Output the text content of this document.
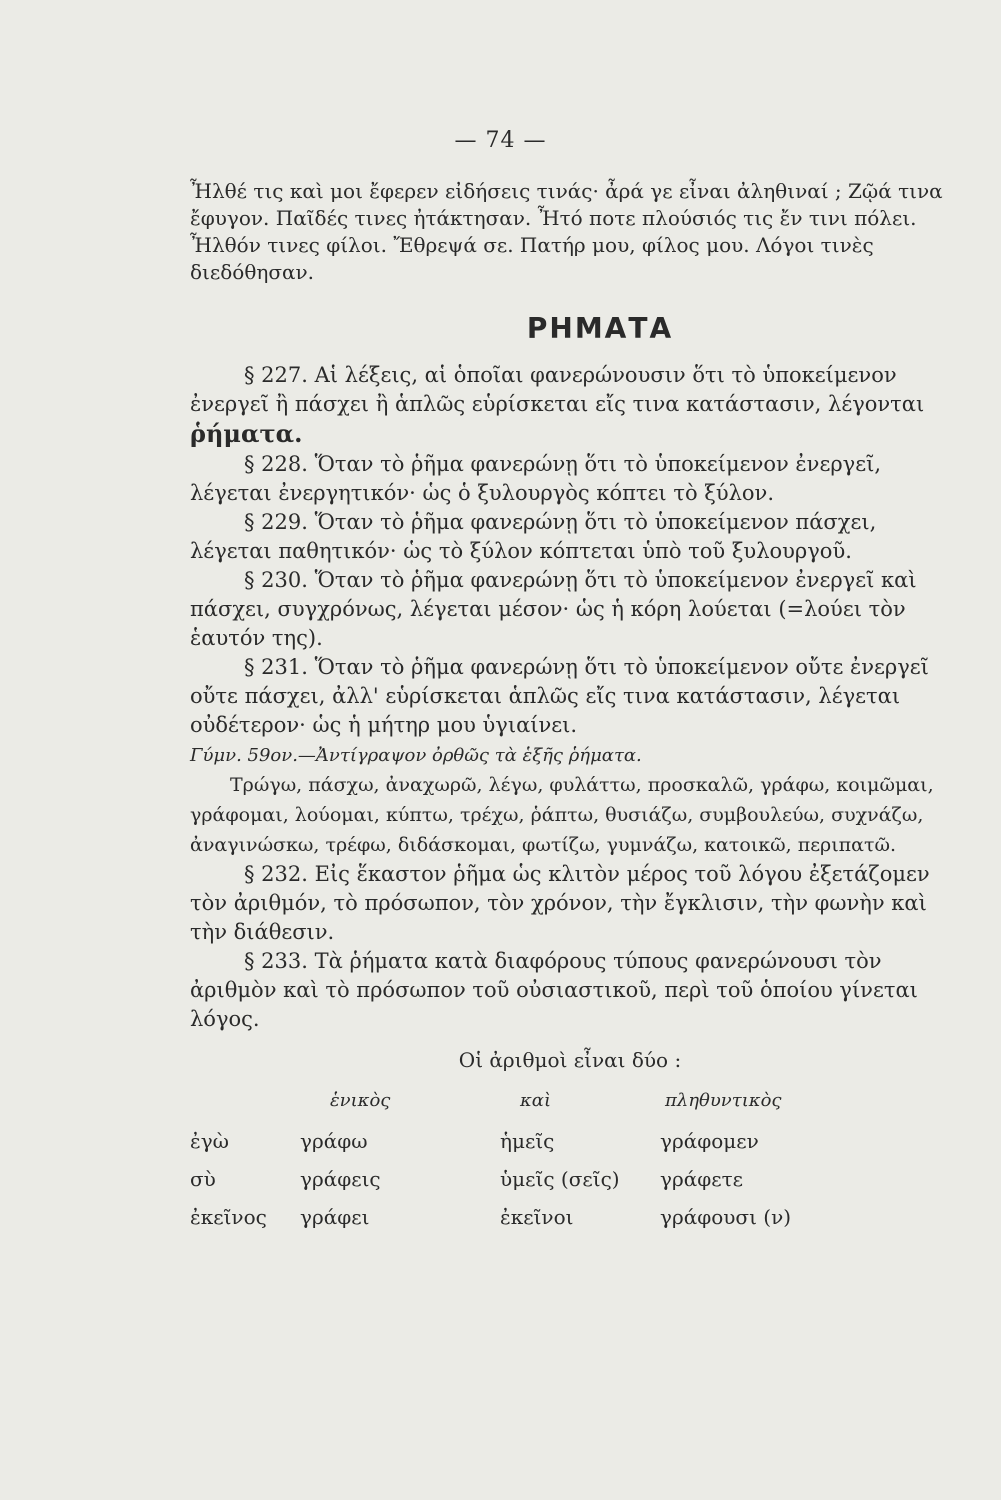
— 74 —

Ἦλθέ τις καὶ μοι ἔφερεν εἰδήσεις τινάς· ἆρά γε εἶναι ἀληθιναί ; Ζῷά τινα ἔφυγον. Παῖδές τινες ἠτάκτησαν. Ἦτό ποτε πλούσιός τις ἔν τινι πόλει. Ἦλθόν τινες φίλοι. Ἔθρεψά σε. Πατήρ μου, φίλος μου. Λόγοι τινὲς διεδόθησαν.

ΡΗΜΑΤΑ

§ 227. Αἱ λέξεις, αἱ ὁποῖαι φανερώνουσιν ὅτι τὸ ὑποκείμενον ἐνεργεῖ ἢ πάσχει ἢ ἁπλῶς εὑρίσκεται εἴς τινα κατάστασιν, λέγονται ῥήματα.

§ 228. Ὅταν τὸ ῥῆμα φανερώνῃ ὅτι τὸ ὑποκείμενον ἐνεργεῖ, λέγεται ἐνεργητικόν· ὡς ὁ ξυλουργὸς κόπτει τὸ ξύλον.

§ 229. Ὅταν τὸ ῥῆμα φανερώνῃ ὅτι τὸ ὑποκείμενον πάσχει, λέγεται παθητικόν· ὡς τὸ ξύλον κόπτεται ὑπὸ τοῦ ξυλουργοῦ.

§ 230. Ὅταν τὸ ῥῆμα φανερώνῃ ὅτι τὸ ὑποκείμενον ἐνεργεῖ καὶ πάσχει, συγχρόνως, λέγεται μέσον· ὡς ἡ κόρη λούεται (=λούει τὸν ἑαυτόν της).

§ 231. Ὅταν τὸ ῥῆμα φανερώνῃ ὅτι τὸ ὑποκείμενον οὔτε ἐνεργεῖ οὔτε πάσχει, ἀλλ' εὑρίσκεται ἁπλῶς εἴς τινα κατάστασιν, λέγεται οὐδέτερον· ὡς ἡ μήτηρ μου ὑγιαίνει.

Γύμν. 59ον.—Ἀντίγραψον ὀρθῶς τὰ ἑξῆς ῥήματα.

Τρώγω, πάσχω, ἀναχωρῶ, λέγω, φυλάττω, προσκαλῶ, γράφω, κοιμῶμαι, γράφομαι, λούομαι, κύπτω, τρέχω, ῥάπτω, θυσιάζω, συμβουλεύω, συχνάζω, ἀναγινώσκω, τρέφω, διδάσκομαι, φωτίζω, γυμνάζω, κατοικῶ, περιπατῶ.

§ 232. Εἰς ἕκαστον ῥῆμα ὡς κλιτὸν μέρος τοῦ λόγου ἐξετάζομεν τὸν ἀριθμόν, τὸ πρόσωπον, τὸν χρόνον, τὴν ἔγκλισιν, τὴν φωνὴν καὶ τὴν διάθεσιν.

§ 233. Τὰ ῥήματα κατὰ διαφόρους τύπους φανερώνουσι τὸν ἀριθμὸν καὶ τὸ πρόσωπον τοῦ οὐσιαστικοῦ, περὶ τοῦ ὁποίου γίνεται λόγος.

Οἱ ἀριθμοὶ εἶναι δύο :
ἑνικὸς	καὶ	πληθυντικὸς
ἐγὼ	γράφω	ἡμεῖς	γράφομεν
σὺ	γράφεις	ὑμεῖς (σεῖς)	γράφετε
ἐκεῖνος	γράφει	ἐκεῖνοι	γράφουσι (ν)
